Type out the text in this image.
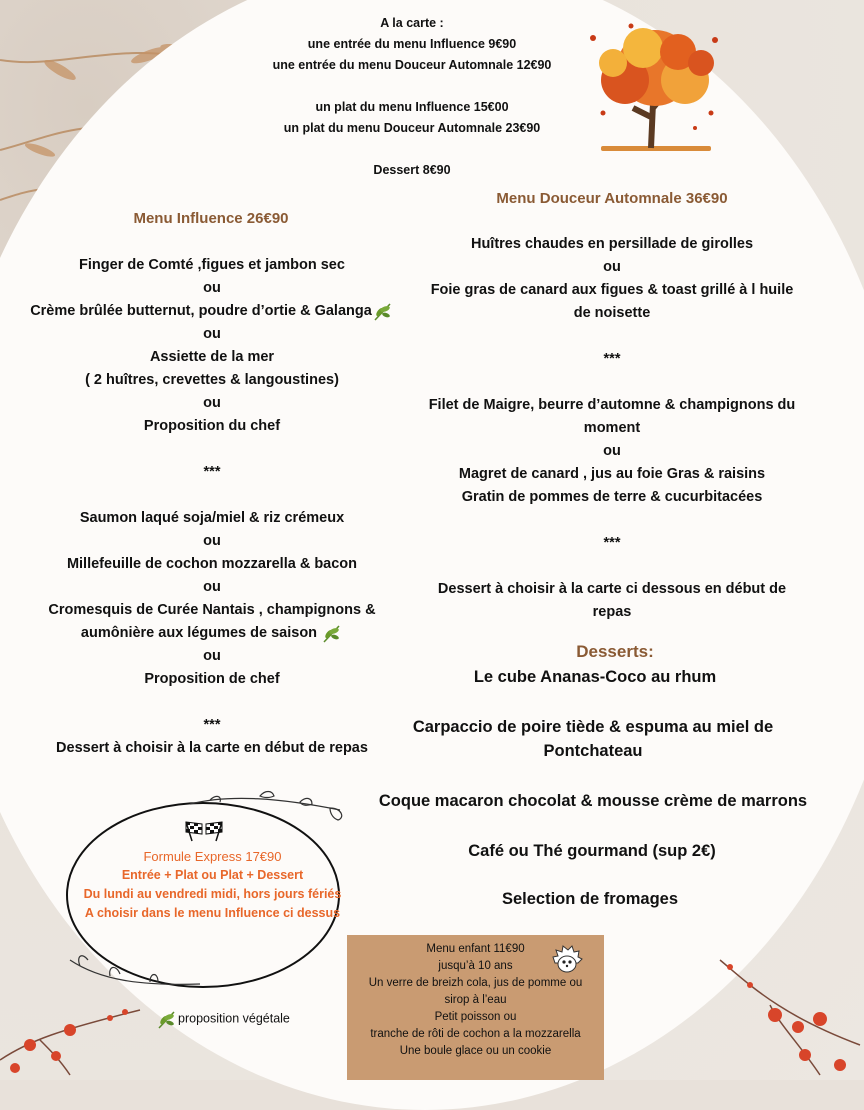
A la carte :
une entrée du menu Influence 9€90
une entrée du menu Douceur Automnale 12€90
un plat du menu Influence 15€00
un plat du menu Douceur Automnale 23€90
Dessert 8€90
Menu Influence 26€90
Finger de Comté ,figues et jambon sec
ou
Crème brûlée butternut, poudre d’ortie & Galanga
ou
Assiette de la mer
( 2 huîtres, crevettes & langoustines)
ou
Proposition du chef
***
Saumon laqué soja/miel & riz crémeux
ou
Millefeuille de cochon mozzarella & bacon
ou
Cromesquis de Curée Nantais , champignons &
aumônière aux légumes de saison
ou
Proposition de chef
***
Dessert à choisir à la carte en début de repas
Menu Douceur Automnale 36€90
Huîtres chaudes en persillade de girolles
ou
Foie gras de canard aux figues & toast grillé à l huile
de noisette
***
Filet de Maigre, beurre d’automne & champignons du
moment
ou
Magret de canard , jus au foie Gras & raisins
Gratin de pommes de terre & cucurbitacées
***
Dessert à choisir à la carte ci dessous en début de
repas
Desserts:
Le cube Ananas-Coco au rhum
Carpaccio de poire tiède & espuma au miel de
Pontchateau
Coque macaron chocolat & mousse crème de marrons
Café ou Thé gourmand (sup 2€)
Selection de fromages
Formule Express 17€90
Entrée + Plat ou Plat + Dessert
Du lundi au vendredi midi, hors jours fériés
A choisir dans le menu Influence ci dessus
proposition végétale
Menu enfant 11€90
jusqu’à 10 ans
Un verre de breizh cola, jus de pomme ou
sirop à l’eau
Petit poisson ou
tranche de rôti de cochon a la mozzarella
Une boule glace ou un cookie
